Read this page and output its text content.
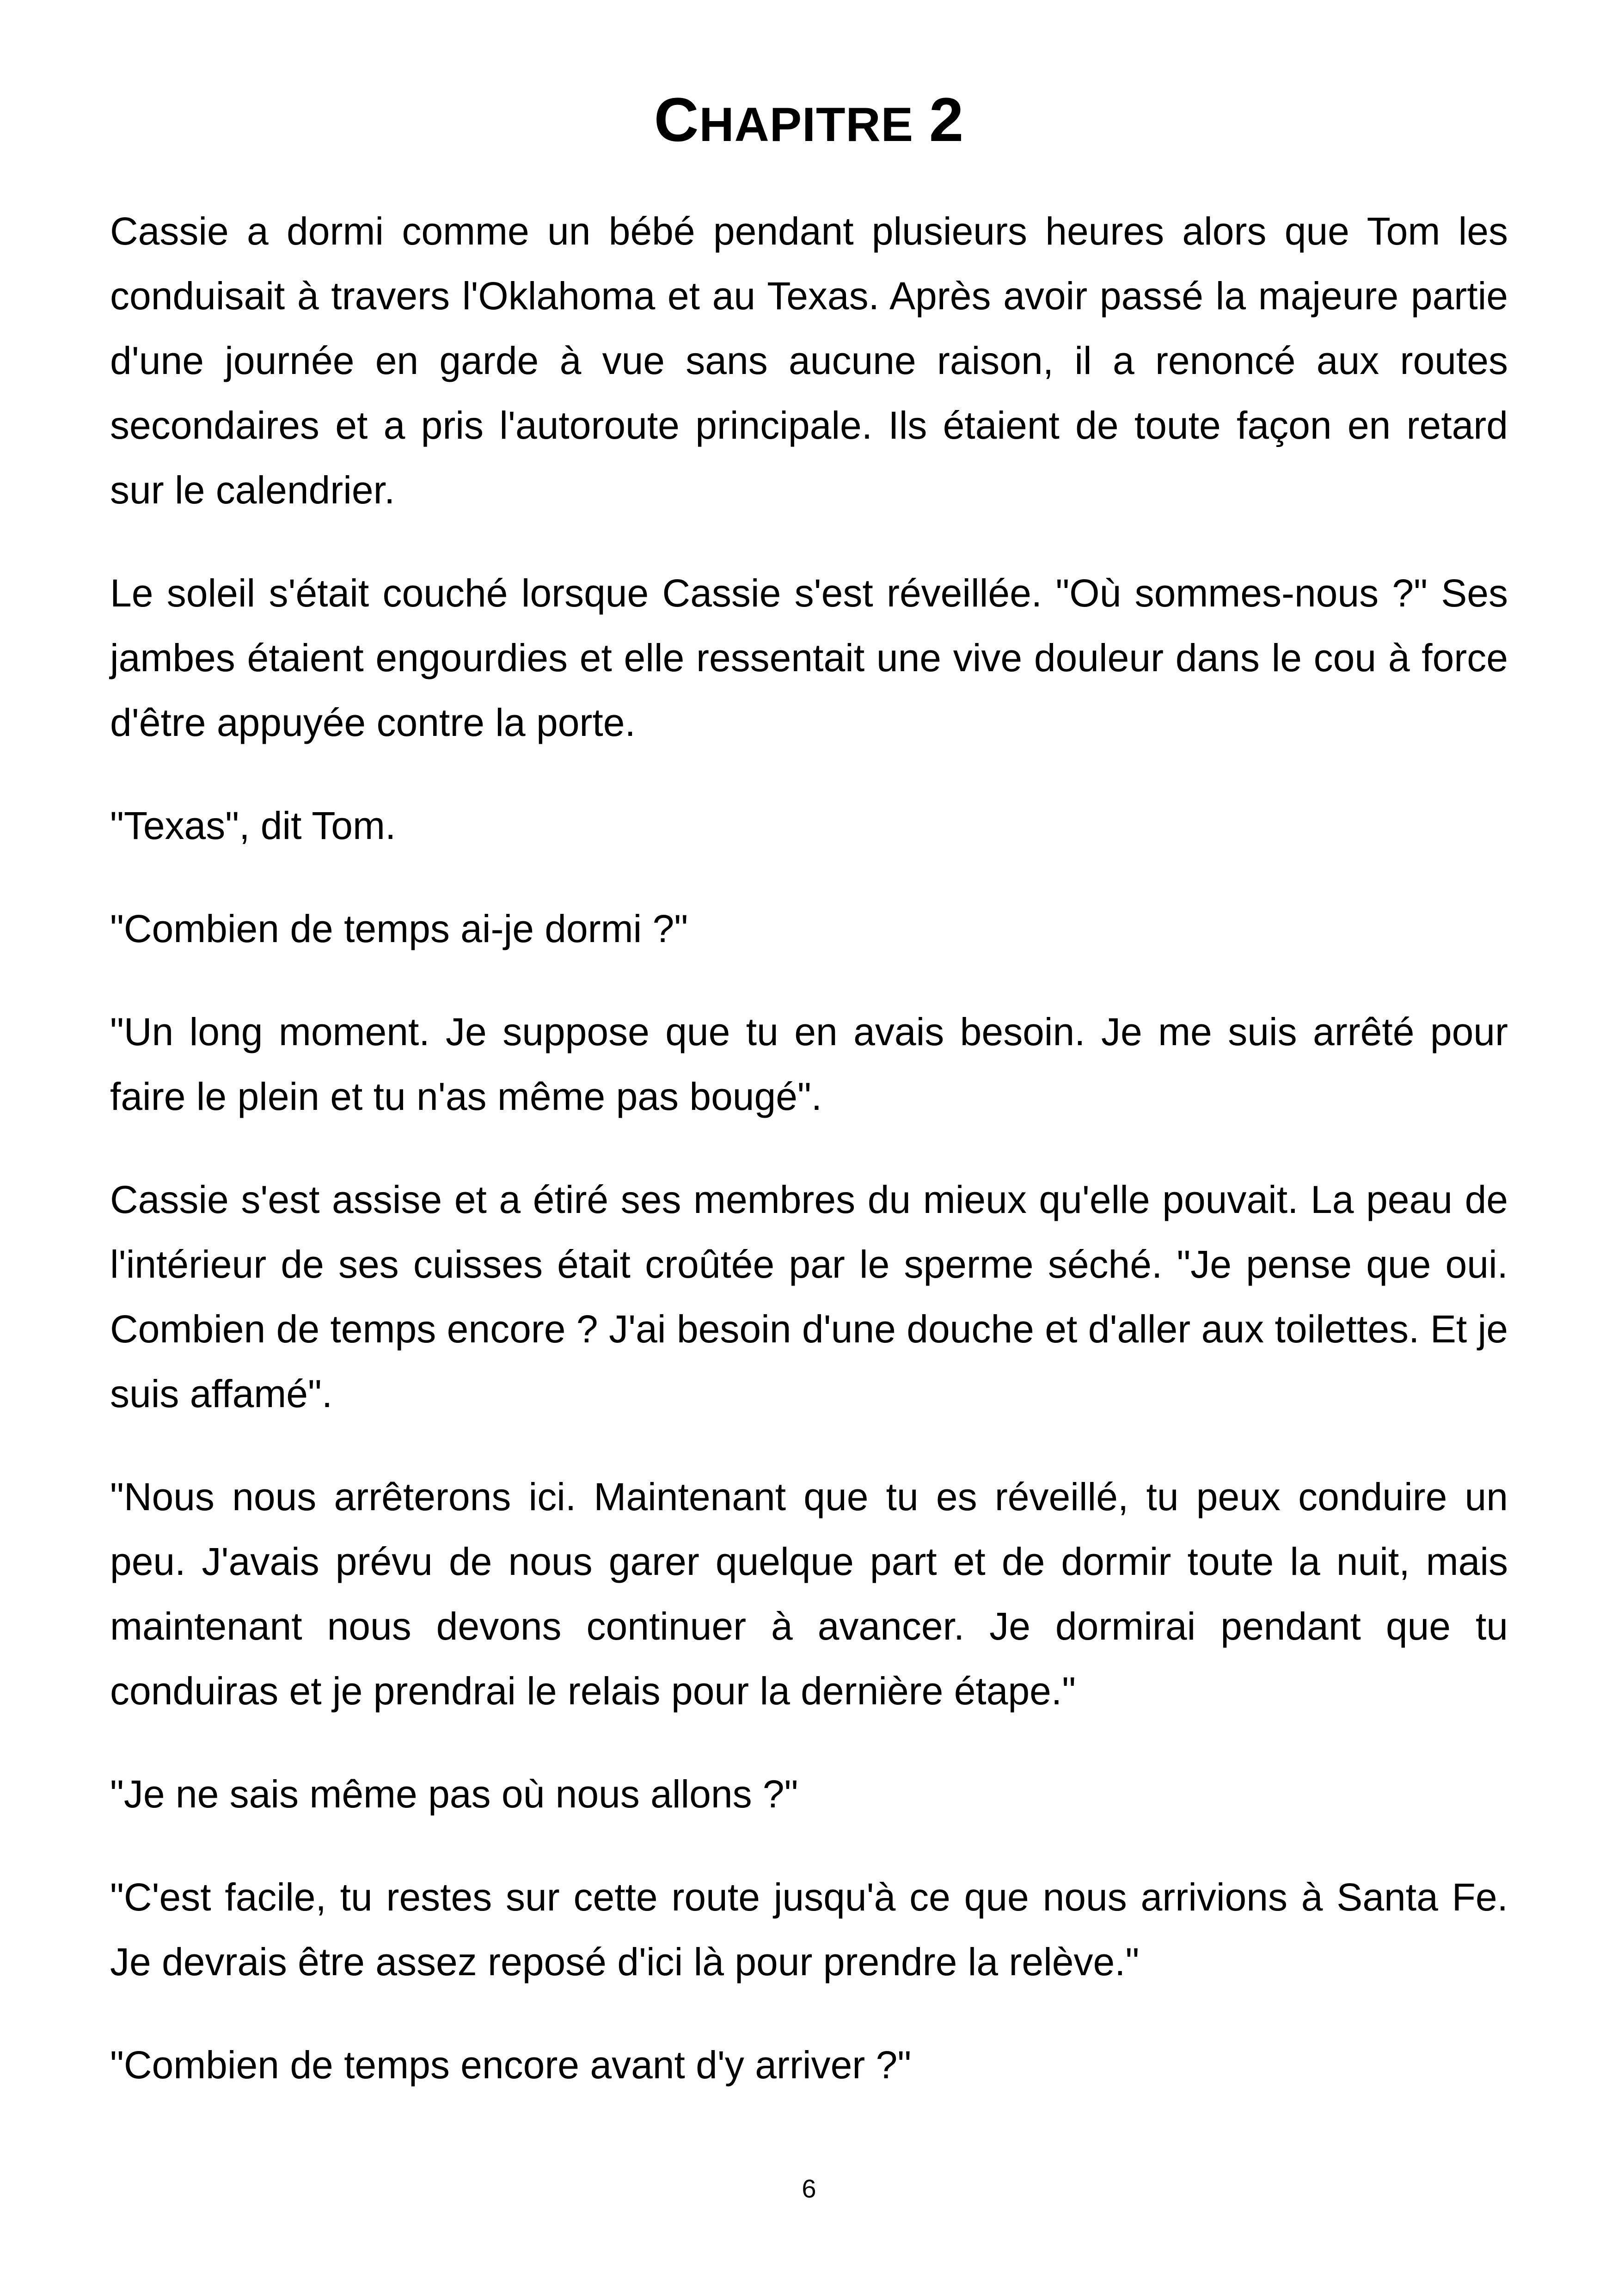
CHAPITRE 2

Cassie a dormi comme un bébé pendant plusieurs heures alors que Tom les conduisait à travers l'Oklahoma et au Texas. Après avoir passé la majeure partie d'une journée en garde à vue sans aucune raison, il a renoncé aux routes secondaires et a pris l'autoroute principale. Ils étaient de toute façon en retard sur le calendrier.

Le soleil s'était couché lorsque Cassie s'est réveillée. "Où sommes-nous ?" Ses jambes étaient engourdies et elle ressentait une vive douleur dans le cou à force d'être appuyée contre la porte.

"Texas", dit Tom.

"Combien de temps ai-je dormi ?"

"Un long moment. Je suppose que tu en avais besoin. Je me suis arrêté pour faire le plein et tu n'as même pas bougé".

Cassie s'est assise et a étiré ses membres du mieux qu'elle pouvait. La peau de l'intérieur de ses cuisses était croûtée par le sperme séché. "Je pense que oui. Combien de temps encore ? J'ai besoin d'une douche et d'aller aux toilettes. Et je suis affamé".

"Nous nous arrêterons ici. Maintenant que tu es réveillé, tu peux conduire un peu. J'avais prévu de nous garer quelque part et de dormir toute la nuit, mais maintenant nous devons continuer à avancer. Je dormirai pendant que tu conduiras et je prendrai le relais pour la dernière étape."

"Je ne sais même pas où nous allons ?"

"C'est facile, tu restes sur cette route jusqu'à ce que nous arrivions à Santa Fe. Je devrais être assez reposé d'ici là pour prendre la relève."

"Combien de temps encore avant d'y arriver ?"

6
